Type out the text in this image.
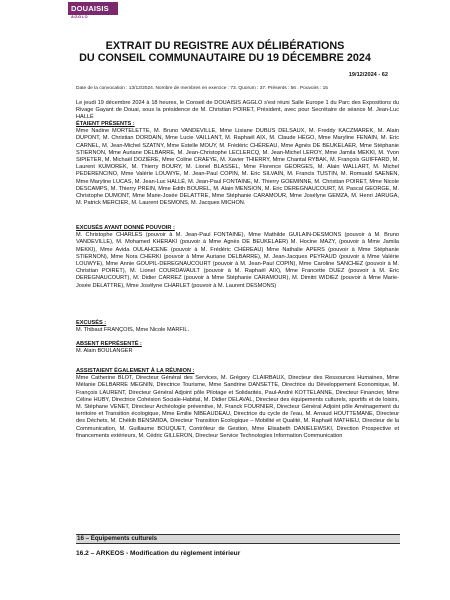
DOUAISIS
AGGLO
EXTRAIT DU REGISTRE AUX DÉLIBÉRATIONS
DU CONSEIL COMMUNAUTAIRE DU 19 DÉCEMBRE 2024
19/12/2024 - 62
Date de la convocation : 13/12/2024. Nombre de membres en exercice : 73. Quorum : 37. Présents : 56 . Pouvoirs : 15
Le jeudi 19 décembre 2024 à 18 heures, le Conseil de DOUAISIS AGGLO s'est réuni Salle Europe 1 du Parc des Expositions du Rivage Gayant de Douai, sous la présidence de M. Christian POIRET, Président, avec pour Secrétaire de séance M. Jean-Luc HALLÉ
ÉTAIENT PRÉSENTS :
Mme Nadine MORTELETTE, M. Bruno VANDEVILLE, Mme Lisiane DUBUS DELSAUX, M. Freddy KACZMAREK, M. Alain DUPONT, M. Christian DORDAIN, Mme Lucie VAILLANT, M. Raphaël AIX, M. Claude HÉGO, Mme Maryline FENAIN, M. Eric CARNEL, M. Jean-Michel SZATNY, Mme Estelle MOUY, M. Frédéric CHÉREAU, Mme Agnès DE BEUKELAER, Mme Stéphanie STIERNON, Mme Auriane DELBARRE, M. Jean-Christophe LECLERCQ, M. Jean-Michel LEROY, Mme Jamila MEKKI, M. Yvon SIPIETER, M. Michaël DOZIÈRE, Mme Coline CRAEYE, M. Xavier THIERRY, Mme Chantal RYBAK, M. François GUIFFARD, M. Laurent KUMOREK, M. Thierry BOURY, M. Lionel BLASSEL, Mme Florence GEORGES, M. Alain WALLART, M. Michel PEDERENCINO, Mme Valérie LOUWYE, M. Jean-Paul COPIN, M. Eric SILVAIN, M. Francis TUSTIN, M. Romuald SAENEN, Mme Maryline LUCAS, M. Jean-Luc HALLÉ, M. Jean-Paul FONTAINE, M. Thierry GOEMINNE, M. Christian POIRET, Mme Nicole DESCAMPS, M. Thierry PREIN, Mme Edith BOUREL, M. Alain MENSION, M. Eric DEREGNAUCOURT, M. Pascal GEORGE, M. Christophe DUMONT, Mme Marie-Josée DELATTRE, Mme Stéphanie CARAMOUR, Mme Josélyne GEMZA, M. Henri JARUGA, M. Patrick MERCIER, M. Laurent DESMONS, M. Jacques MICHON.
EXCUSÉS AYANT DONNÉ POUVOIR :
M. Christophe CHARLES (pouvoir à M. Jean-Paul FONTAINE), Mme Mathilde GUILAIN-DESMONS (pouvoir à M. Bruno VANDEVILLE), M. Mohamed KHERAKI (pouvoir à Mme Agnès DE BEUKELAER) M. Hocine MAZY, (pouvoir à Mme Jamila MEKKI), Mme Avida OULAHCENE (pouvoir à M. Frédéric CHÉREAU) Mme Nathalie APERS (pouvoir à Mme Stéphanie STIERNON), Mme Nora CHERKI (pouvoir à Mme Auriane DELBARRE), M. Jean-Jacques PEYRAUD (pouvoir à Mme Valérie LOUWYE), Mme Annie GOUPIL-DEREGNAUCOURT (pouvoir à M. Jean-Paul COPIN), Mme Caroline SANCHEZ (pouvoir à M. Christian POIRET), M. Lionel COURDAVAULT (pouvoir à M. Raphaël AIX), Mme Francette DUEZ (pouvoir à M. Eric DEREGNAUCOURT), M. Didier CARREZ (pouvoir à Mme Stéphanie CARAMOUR), M. Dimitri WIDIEZ (pouvoir à Mme Marie-Josée DELATTRE), Mme Josélyne CHARLET (pouvoir à M. Laurent DESMONS)
EXCUSÉS :
M. Thibaut FRANÇOIS, Mme Nicole MARFIL.
ABSENT REPRÉSENTÉ :
M. Alain BOULANGER
ASSISTAIENT ÉGALEMENT À LA RÉUNION :
Mme Catherine BLOT, Directeur Général des Services, M. Grégory CLAIRBAUX, Directeur des Ressources Humaines, Mme Mélanie DELBARRE MEGNIN, Directrice Tourisme, Mme Sandrine DANSETTE, Directrice du Développement Economique, M. François LAURENT, Directeur Général Adjoint pôle Pilotage et Solidarités, Paul-André KOTTELANNE, Directeur Financier, Mme Céline HUBY, Directrice Cohésion Sociale-Habitat, M. Didier DELAVAL, Directeur des équipements culturels, sportifs et de loisirs, M. Stéphane VENET, Directeur Archéologie préventive, M. Franck FOURNIER, Directeur Général Adjoint pôle Aménagement du territoire et Transition écologique, Mme Emilie NIBEAUDEAU, Directrice du cycle de l'eau, M. Arnaud HOUTTEMANE, Directeur des Déchets, M. Chékib BENSMIDA, Directeur Transition Ecologique – Mobilité et Qualité, M. Raphaël MATHIEU, Directeur de la Communication, M. Guillaume BOUQUET, Contrôleur de Gestion, Mme Elisabeth DANIELEWSKI, Direction Prospective et financements extérieurs, M. Cédric GILLERON, Directeur Service Technologies Information Communication
16 – Equipements culturels
16.2 – ARKEOS - Modification du règlement intérieur
